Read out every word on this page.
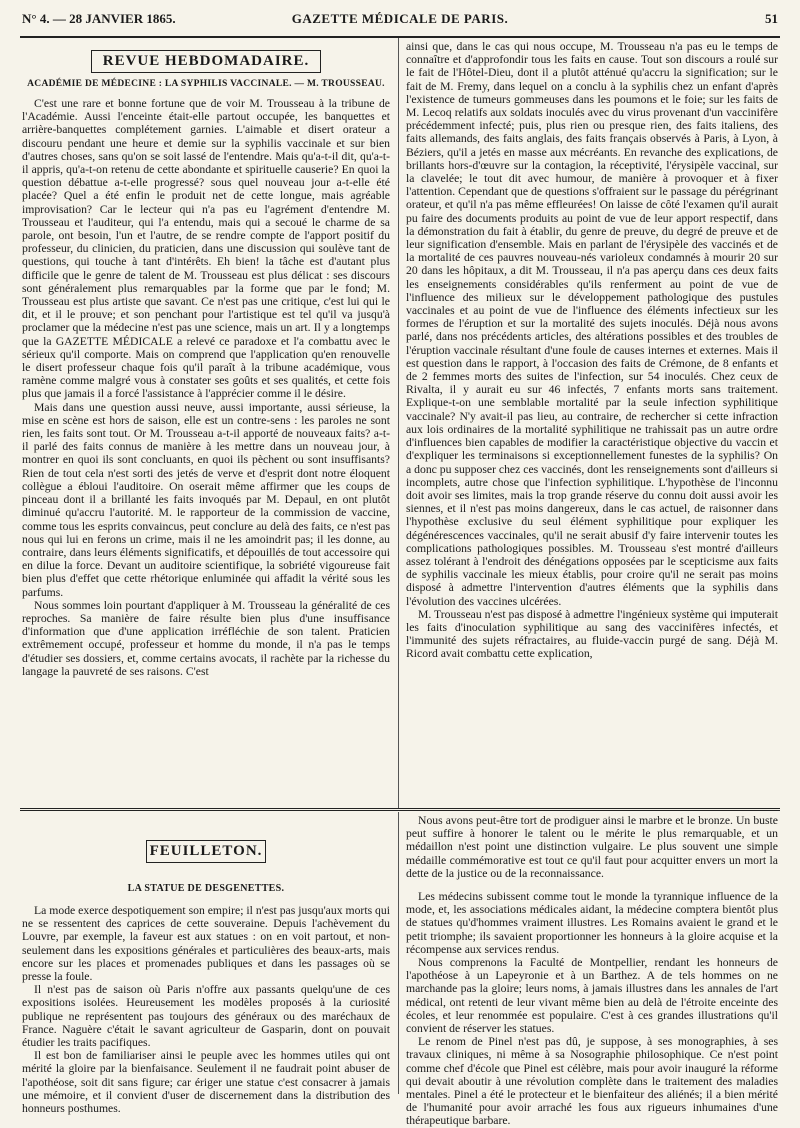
N° 4. — 28 JANVIER 1865.	GAZETTE MÉDICALE DE PARIS.	51
REVUE HEBDOMADAIRE.
ACADÉMIE DE MÉDECINE : LA SYPHILIS VACCINALE. — M. TROUSSEAU.

C'est une rare et bonne fortune que de voir M. Trousseau à la tribune de l'Académie. Aussi l'enceinte était-elle partout occupée, les banquettes et arrière-banquettes complétement garnies. L'aimable et disert orateur a discouru pendant une heure et demie sur la syphilis vaccinale et sur bien d'autres choses, sans qu'on se soit lassé de l'entendre. Mais qu'a-t-il dit, qu'a-t-il appris, qu'a-t-on retenu de cette abondante et spirituelle causerie? En quoi la question débattue a-t-elle progressé? sous quel nouveau jour a-t-elle été placée? Quel a été enfin le produit net de cette longue, mais agréable improvisation? Car le lecteur qui n'a pas eu l'agrément d'entendre M. Trousseau et l'auditeur, qui l'a entendu, mais qui a secoué le charme de sa parole, ont besoin, l'un et l'autre, de se rendre compte de l'apport positif du professeur, du clinicien, du praticien, dans une discussion qui soulève tant de questions, qui touche à tant d'intérêts. Eh bien! la tâche est d'autant plus difficile que le genre de talent de M. Trousseau est plus délicat : ses discours sont généralement plus remarquables par la forme que par le fond; M. Trousseau est plus artiste que savant. Ce n'est pas une critique, c'est lui qui le dit, et il le prouve; et son penchant pour l'artistique est tel qu'il va jusqu'à proclamer que la médecine n'est pas une science, mais un art. Il y a longtemps que la GAZETTE MÉDICALE a relevé ce paradoxe et l'a combattu avec le sérieux qu'il comporte. Mais on comprend que l'application qu'en renouvelle le disert professeur chaque fois qu'il paraît à la tribune académique, vous ramène comme malgré vous à constater ses goûts et ses qualités, et cette fois plus que jamais il a forcé l'assistance à l'apprécier comme il le désire.

Mais dans une question aussi neuve, aussi importante, aussi sérieuse, la mise en scène est hors de saison, elle est un contre-sens : les paroles ne sont rien, les faits sont tout. Or M. Trousseau a-t-il apporté de nouveaux faits? a-t-il parlé des faits connus de manière à les mettre dans un nouveau jour, à montrer en quoi ils sont concluants, en quoi ils pèchent ou sont insuffisants? Rien de tout cela n'est sorti des jetés de verve et d'esprit dont notre éloquent collègue a ébloui l'auditoire. On oserait même affirmer que les coups de pinceau dont il a brillanté les faits invoqués par M. Depaul, en ont plutôt diminué qu'accru l'autorité. M. le rapporteur de la commission de vaccine, comme tous les esprits convaincus, peut conclure au delà des faits, ce n'est pas nous qui lui en ferons un crime, mais il ne les amoindrit pas; il les donne, au contraire, dans leurs éléments significatifs, et dépouillés de tout accessoire qui en dilue la force. Devant un auditoire scientifique, la sobriété vigoureuse fait bien plus d'effet que cette rhétorique enluminée qui affadit la vérité sous les parfums.

Nous sommes loin pourtant d'appliquer à M. Trousseau la généralité de ces reproches. Sa manière de faire résulte bien plus d'une insuffisance d'information que d'une application irréfléchie de son talent. Praticien extrêmement occupé, professeur et homme du monde, il n'a pas le temps d'étudier ses dossiers, et, comme certains avocats, il rachète par la richesse du langage la pauvreté de ses raisons. C'est

ainsi que, dans le cas qui nous occupe, M. Trousseau n'a pas eu le temps de connaître et d'approfondir tous les faits en cause. Tout son discours a roulé sur le fait de l'Hôtel-Dieu, dont il a plutôt atténué qu'accru la signification; sur le fait de M. Fremy, dans lequel on a conclu à la syphilis chez un enfant d'après l'existence de tumeurs gommeuses dans les poumons et le foie; sur les faits de M. Lecoq relatifs aux soldats inoculés avec du virus provenant d'un vaccinifère précédemment infecté; puis, plus rien ou presque rien, des faits italiens, des faits allemands, des faits anglais, des faits français observés à Paris, à Lyon, à Béziers, qu'il a jetés en masse aux mécréants. En revanche des explications, de brillants hors-d'œuvre sur la contagion, la réceptivité, l'érysipèle vaccinal, sur la clavelée; le tout dit avec humour, de manière à provoquer et à fixer l'attention. Cependant que de questions s'offraient sur le passage du pérégrinant orateur, et qu'il n'a pas même effleurées! On laisse de côté l'examen qu'il aurait pu faire des documents produits au point de vue de leur apport respectif, dans la démonstration du fait à établir, du genre de preuve, du degré de preuve et de leur signification d'ensemble. Mais en parlant de l'érysipèle des vaccinés et de la mortalité de ces pauvres nouveau-nés varioleux condamnés à mourir 20 sur 20 dans les hôpitaux, a dit M. Trousseau, il n'a pas aperçu dans ces deux faits les enseignements considérables qu'ils renferment au point de vue de l'influence des milieux sur le développement pathologique des pustules vaccinales et au point de vue de l'influence des éléments infectieux sur les formes de l'éruption et sur la mortalité des sujets inoculés. Déjà nous avons parlé, dans nos précédents articles, des altérations possibles et des troubles de l'éruption vaccinale résultant d'une foule de causes internes et externes. Mais il est question dans le rapport, à l'occasion des faits de Crémone, de 8 enfants et de 2 femmes morts des suites de l'infection, sur 54 inoculés. Chez ceux de Rivalta, il y aurait eu sur 46 infectés, 7 enfants morts sans traitement. Explique-t-on une semblable mortalité par la seule infection syphilitique vaccinale? N'y avait-il pas lieu, au contraire, de rechercher si cette infraction aux lois ordinaires de la mortalité syphilitique ne trahissait pas un autre ordre d'influences bien capables de modifier la caractéristique objective du vaccin et d'expliquer les terminaisons si exceptionnellement funestes de la syphilis? On a donc pu supposer chez ces vaccinés, dont les renseignements sont d'ailleurs si incomplets, autre chose que l'infection syphilitique. L'hypothèse de l'inconnu doit avoir ses limites, mais la trop grande réserve du connu doit aussi avoir les siennes, et il n'est pas moins dangereux, dans le cas actuel, de raisonner dans l'hypothèse exclusive du seul élément syphilitique pour expliquer les dégénérescences vaccinales, qu'il ne serait abusif d'y faire intervenir toutes les complications pathologiques possibles. M. Trousseau s'est montré d'ailleurs assez tolérant à l'endroit des dénégations opposées par le scepticisme aux faits de syphilis vaccinale les mieux établis, pour croire qu'il ne serait pas moins disposé à admettre l'intervention d'autres éléments que la syphilis dans l'évolution des vaccines ulcérées.

M. Trousseau n'est pas disposé à admettre l'ingénieux système qui imputerait les faits d'inoculation syphilitique au sang des vaccinifères infectés, et l'immunité des sujets réfractaires, au fluide-vaccin purgé de sang. Déjà M. Ricord avait combattu cette explication,

FEUILLETON.
LA STATUE DE DESGENETTES.

La mode exerce despotiquement son empire; il n'est pas jusqu'aux morts qui ne se ressentent des caprices de cette souveraine. Depuis l'achèvement du Louvre, par exemple, la faveur est aux statues : on en voit partout, et non-seulement dans les expositions générales et particulières des beaux-arts, mais encore sur les places et promenades publiques et dans les passages où se presse la foule.

Il n'est pas de saison où Paris n'offre aux passants quelqu'une de ces expositions isolées. Heureusement les modèles proposés à la curiosité publique ne représentent pas toujours des généraux ou des maréchaux de France. Naguère c'était le savant agriculteur de Gasparin, dont on pouvait étudier les traits pacifiques.

Il est bon de familiariser ainsi le peuple avec les hommes utiles qui ont mérité la gloire par la bienfaisance. Seulement il ne faudrait point abuser de l'apothéose, soit dit sans figure; car ériger une statue c'est consacrer à jamais une mémoire, et il convient d'user de discernement dans la distribution des honneurs posthumes.

Nous avons peut-être tort de prodiguer ainsi le marbre et le bronze. Un buste peut suffire à honorer le talent ou le mérite le plus remarquable, et un médaillon n'est point une distinction vulgaire. Le plus souvent une simple médaille commémorative est tout ce qu'il faut pour acquitter envers un mort la dette de la justice ou de la reconnaissance.

Les médecins subissent comme tout le monde la tyrannique influence de la mode, et, les associations médicales aidant, la médecine comptera bientôt plus de statues qu'd'hommes vraiment illustres. Les Romains avaient le grand et le petit triomphe; ils savaient proportionner les honneurs à la gloire acquise et la récompense aux services rendus.

Nous comprenons la Faculté de Montpellier, rendant les honneurs de l'apothéose à un Lapeyronie et à un Barthez. A de tels hommes on ne marchande pas la gloire; leurs noms, à jamais illustres dans les annales de l'art médical, ont retenti de leur vivant même bien au delà de l'étroite enceinte des écoles, et leur renommée est populaire. C'est à ces grandes illustrations qu'il convient de réserver les statues.

Le renom de Pinel n'est pas dû, je suppose, à ses monographies, à ses travaux cliniques, ni même à sa Nosographie philosophique. Ce n'est point comme chef d'école que Pinel est célèbre, mais pour avoir inauguré la réforme qui devait aboutir à une révolution complète dans le traitement des maladies mentales. Pinel a été le protecteur et le bienfaiteur des aliénés; il a bien mérité de l'humanité pour avoir arraché les fous aux rigueurs inhumaines d'une thérapeutique barbare.
